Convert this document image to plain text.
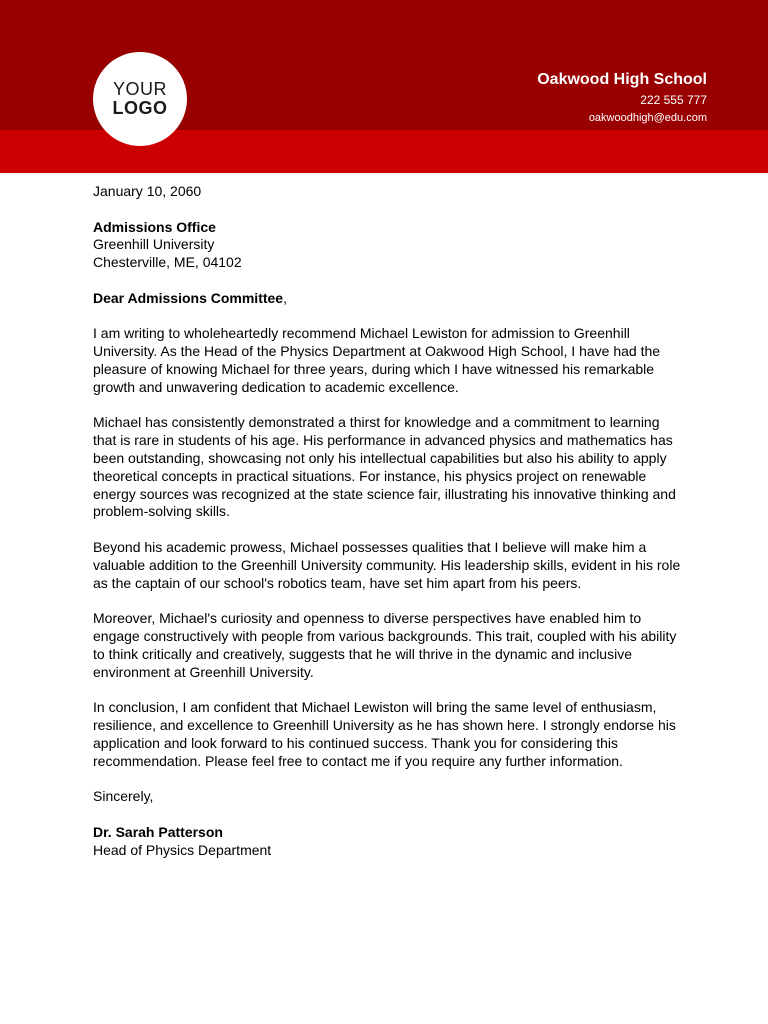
YOUR
LOGO
Oakwood High School
222 555 777
oakwoodhigh@edu.com

January 10, 2060

Admissions Office

Greenhill University

Chesterville, ME, 04102

Dear Admissions Committee,

I am writing to wholeheartedly recommend Michael Lewiston for admission to Greenhill University. As the Head of the Physics Department at Oakwood High School, I have had the pleasure of knowing Michael for three years, during which I have witnessed his remarkable growth and unwavering dedication to academic excellence.

Michael has consistently demonstrated a thirst for knowledge and a commitment to learning that is rare in students of his age. His performance in advanced physics and mathematics has been outstanding, showcasing not only his intellectual capabilities but also his ability to apply theoretical concepts in practical situations. For instance, his physics project on renewable energy sources was recognized at the state science fair, illustrating his innovative thinking and problem-solving skills.

Beyond his academic prowess, Michael possesses qualities that I believe will make him a valuable addition to the Greenhill University community. His leadership skills, evident in his role as the captain of our school's robotics team, have set him apart from his peers.

Moreover, Michael's curiosity and openness to diverse perspectives have enabled him to engage constructively with people from various backgrounds. This trait, coupled with his ability to think critically and creatively, suggests that he will thrive in the dynamic and inclusive environment at Greenhill University.

In conclusion, I am confident that Michael Lewiston will bring the same level of enthusiasm, resilience, and excellence to Greenhill University as he has shown here. I strongly endorse his application and look forward to his continued success. Thank you for considering this recommendation. Please feel free to contact me if you require any further information.

Sincerely,

Dr. Sarah Patterson

Head of Physics Department
